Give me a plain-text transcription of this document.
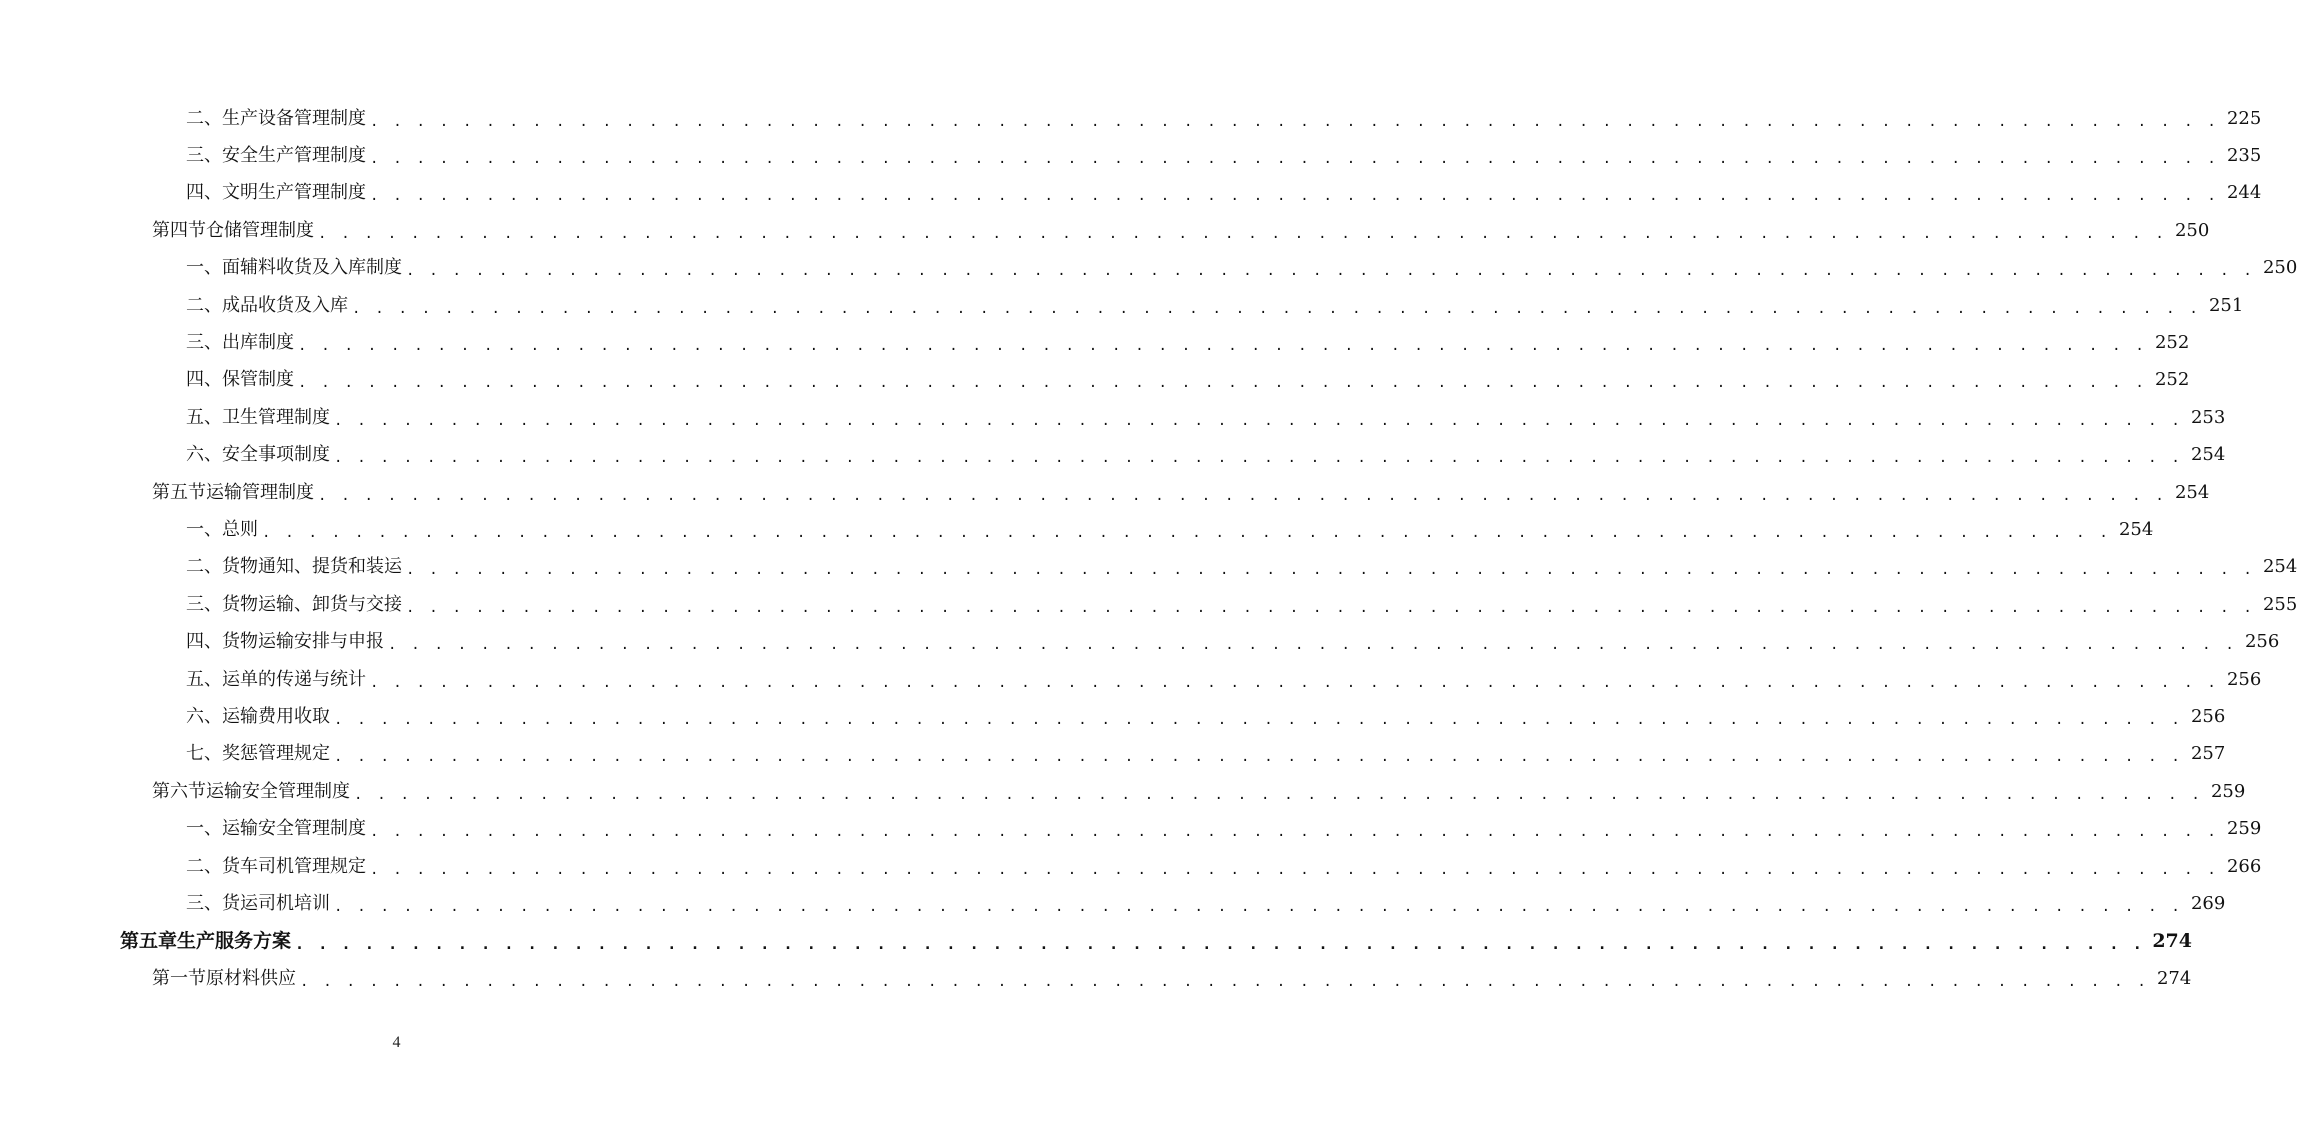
二、 生产设备管理制度 . . . . . . . . . . . . . . . . . . . . . . . . . . . . . . . . . . . . . . . . . . . . . . . . . . . . . . . . . . . . . . . . . . . . . . . . . . . . . . . . 225
三、 安全生产管理制度 . . . . . . . . . . . . . . . . . . . . . . . . . . . . . . . . . . . . . . . . . . . . . . . . . . . . . . . . . . . . . . . . . . . . . . . . . . . . . . . . 235
四、 文明生产管理制度 . . . . . . . . . . . . . . . . . . . . . . . . . . . . . . . . . . . . . . . . . . . . . . . . . . . . . . . . . . . . . . . . . . . . . . . . . . . . . . . . 244
第四节 仓储管理制度 . . . . . . . . . . . . . . . . . . . . . . . . . . . . . . . . . . . . . . . . . . . . . . . . . . . . . . . . . . . . . . . . . . . . . . . . . . . . . . . . 250
一、 面辅料收货及入库制度 . . . . . . . . . . . . . . . . . . . . . . . . . . . . . . . . . . . . . . . . . . . . . . . . . . . . . . . . . . . . . . . . . . . . . . . . . . . . . . . . 250
二、 成品收货及入库 . . . . . . . . . . . . . . . . . . . . . . . . . . . . . . . . . . . . . . . . . . . . . . . . . . . . . . . . . . . . . . . . . . . . . . . . . . . . . . . . 251
三、 出库制度 . . . . . . . . . . . . . . . . . . . . . . . . . . . . . . . . . . . . . . . . . . . . . . . . . . . . . . . . . . . . . . . . . . . . . . . . . . . . . . . . 252
四、 保管制度 . . . . . . . . . . . . . . . . . . . . . . . . . . . . . . . . . . . . . . . . . . . . . . . . . . . . . . . . . . . . . . . . . . . . . . . . . . . . . . . . 252
五、 卫生管理制度 . . . . . . . . . . . . . . . . . . . . . . . . . . . . . . . . . . . . . . . . . . . . . . . . . . . . . . . . . . . . . . . . . . . . . . . . . . . . . . . . 253
六、 安全事项制度 . . . . . . . . . . . . . . . . . . . . . . . . . . . . . . . . . . . . . . . . . . . . . . . . . . . . . . . . . . . . . . . . . . . . . . . . . . . . . . . . 254
第五节 运输管理制度 . . . . . . . . . . . . . . . . . . . . . . . . . . . . . . . . . . . . . . . . . . . . . . . . . . . . . . . . . . . . . . . . . . . . . . . . . . . . . . . . 254
一、 总则 . . . . . . . . . . . . . . . . . . . . . . . . . . . . . . . . . . . . . . . . . . . . . . . . . . . . . . . . . . . . . . . . . . . . . . . . . . . . . . . . 254
二、 货物通知、提货和装运 . . . . . . . . . . . . . . . . . . . . . . . . . . . . . . . . . . . . . . . . . . . . . . . . . . . . . . . . . . . . . . . . . . . . . . . . . . . . . . . . 254
三、 货物运输、卸货与交接 . . . . . . . . . . . . . . . . . . . . . . . . . . . . . . . . . . . . . . . . . . . . . . . . . . . . . . . . . . . . . . . . . . . . . . . . . . . . . . . . 255
四、 货物运输安排与申报 . . . . . . . . . . . . . . . . . . . . . . . . . . . . . . . . . . . . . . . . . . . . . . . . . . . . . . . . . . . . . . . . . . . . . . . . . . . . . . . . 256
五、 运单的传递与统计 . . . . . . . . . . . . . . . . . . . . . . . . . . . . . . . . . . . . . . . . . . . . . . . . . . . . . . . . . . . . . . . . . . . . . . . . . . . . . . . . 256
六、 运输费用收取 . . . . . . . . . . . . . . . . . . . . . . . . . . . . . . . . . . . . . . . . . . . . . . . . . . . . . . . . . . . . . . . . . . . . . . . . . . . . . . . . 256
七、 奖惩管理规定 . . . . . . . . . . . . . . . . . . . . . . . . . . . . . . . . . . . . . . . . . . . . . . . . . . . . . . . . . . . . . . . . . . . . . . . . . . . . . . . . 257
第六节 运输安全管理制度 . . . . . . . . . . . . . . . . . . . . . . . . . . . . . . . . . . . . . . . . . . . . . . . . . . . . . . . . . . . . . . . . . . . . . . . . . . . . . . . . 259
一、 运输安全管理制度 . . . . . . . . . . . . . . . . . . . . . . . . . . . . . . . . . . . . . . . . . . . . . . . . . . . . . . . . . . . . . . . . . . . . . . . . . . . . . . . . 259
二、 货车司机管理规定 . . . . . . . . . . . . . . . . . . . . . . . . . . . . . . . . . . . . . . . . . . . . . . . . . . . . . . . . . . . . . . . . . . . . . . . . . . . . . . . . 266
三、 货运司机培训 . . . . . . . . . . . . . . . . . . . . . . . . . . . . . . . . . . . . . . . . . . . . . . . . . . . . . . . . . . . . . . . . . . . . . . . . . . . . . . . . 269
第五章 生产服务方案 . . . . . . . . . . . . . . . . . . . . . . . . . . . . . . . . . . . . . . . . . . . . . . . . . . . . . . . . . . . . . . . . . . . . . . . . . . . . . . . . 274
第一节 原材料供应 . . . . . . . . . . . . . . . . . . . . . . . . . . . . . . . . . . . . . . . . . . . . . . . . . . . . . . . . . . . . . . . . . . . . . . . . . . . . . . . . 274
4
